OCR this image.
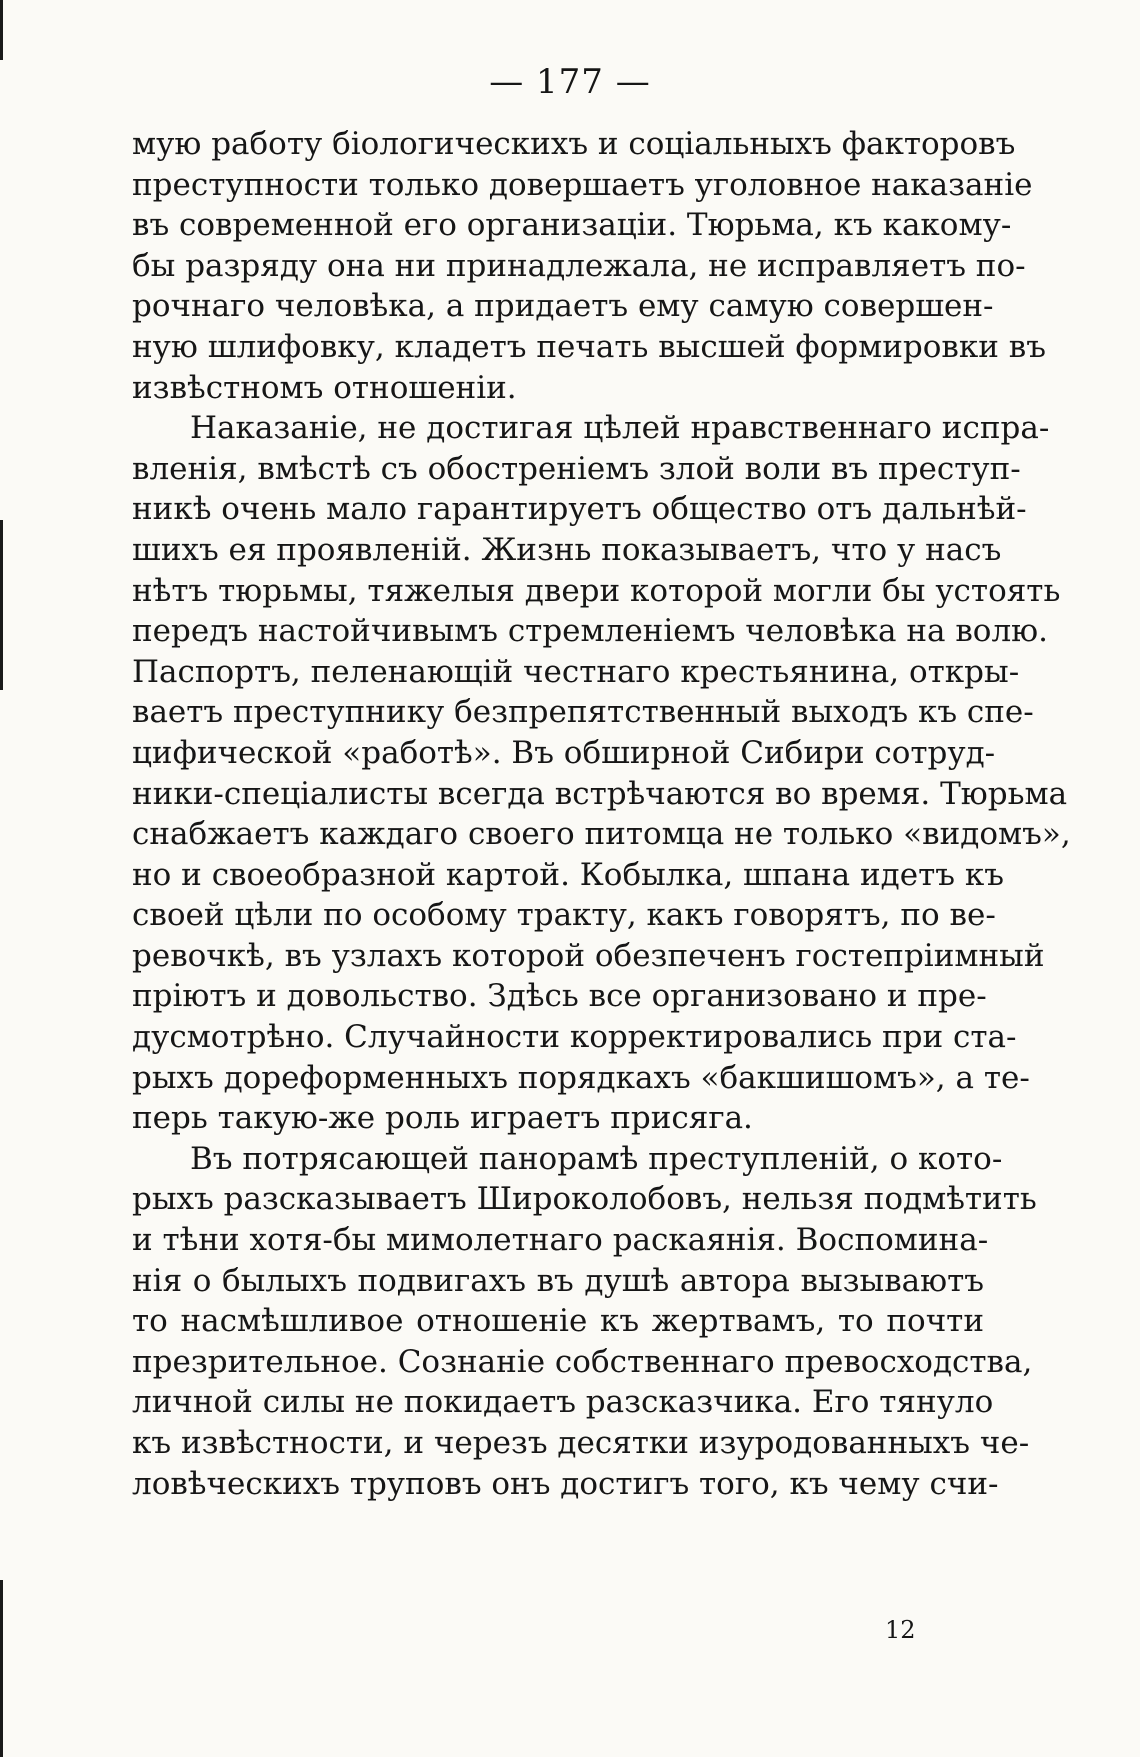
— 177 —
мую работу біологическихъ и соціальныхъ факторовъ
преступности только довершаетъ уголовное наказаніе
въ современной его организаціи. Тюрьма, къ какому-
бы разряду она ни принадлежала, не исправляетъ по-
рочнаго человѣка, а придаетъ ему самую совершен-
ную шлифовку, кладетъ печать высшей формировки въ
извѣстномъ отношеніи.
Наказаніе, не достигая цѣлей нравственнаго испра-
вленія, вмѣстѣ съ обостреніемъ злой воли въ преступ-
никѣ очень мало гарантируетъ общество отъ дальнѣй-
шихъ ея проявленій. Жизнь показываетъ, что у насъ
нѣтъ тюрьмы, тяжелыя двери которой могли бы устоять
передъ настойчивымъ стремленіемъ человѣка на волю.
Паспортъ, пеленающій честнаго крестьянина, откры-
ваетъ преступнику безпрепятственный выходъ къ спе-
цифической «работѣ». Въ обширной Сибири сотруд-
ники-спеціалисты всегда встрѣчаются во время. Тюрьма
снабжаетъ каждаго своего питомца не только «видомъ»,
но и своеобразной картой. Кобылка, шпана идетъ къ
своей цѣли по особому тракту, какъ говорятъ, по ве-
ревочкѣ, въ узлахъ которой обезпеченъ гостепріимный
пріютъ и довольство. Здѣсь все организовано и пре-
дусмотрѣно. Случайности корректировались при ста-
рыхъ дореформенныхъ порядкахъ «бакшишомъ», а те-
перь такую-же роль играетъ присяга.
Въ потрясающей панорамѣ преступленій, о кото-
рыхъ разсказываетъ Широколобовъ, нельзя подмѣтить
и тѣни хотя-бы мимолетнаго раскаянія. Воспомина-
нія о былыхъ подвигахъ въ душѣ автора вызываютъ
то насмѣшливое отношеніе къ жертвамъ, то почти
презрительное. Сознаніе собственнаго превосходства,
личной силы не покидаетъ разсказчика. Его тянуло
къ извѣстности, и черезъ десятки изуродованныхъ че-
ловѣческихъ труповъ онъ достигъ того, къ чему счи-
12
